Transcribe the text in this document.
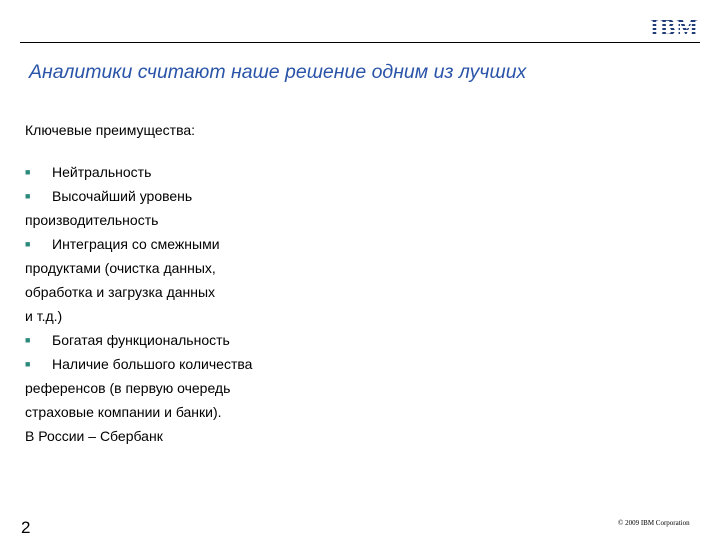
IBM
Аналитики считают наше решение одним из лучших
Ключевые преимущества:
■ Нейтральность
■ Высочайший уровень
производительность
■ Интеграция со смежными
продуктами (очистка данных,
обработка и загрузка данных
и т.д.)
■ Богатая функциональность
■ Наличие большого количества
референсов (в первую очередь
страховые компании и банки).
В России – Сбербанк
2	© 2009 IBM Corporation
